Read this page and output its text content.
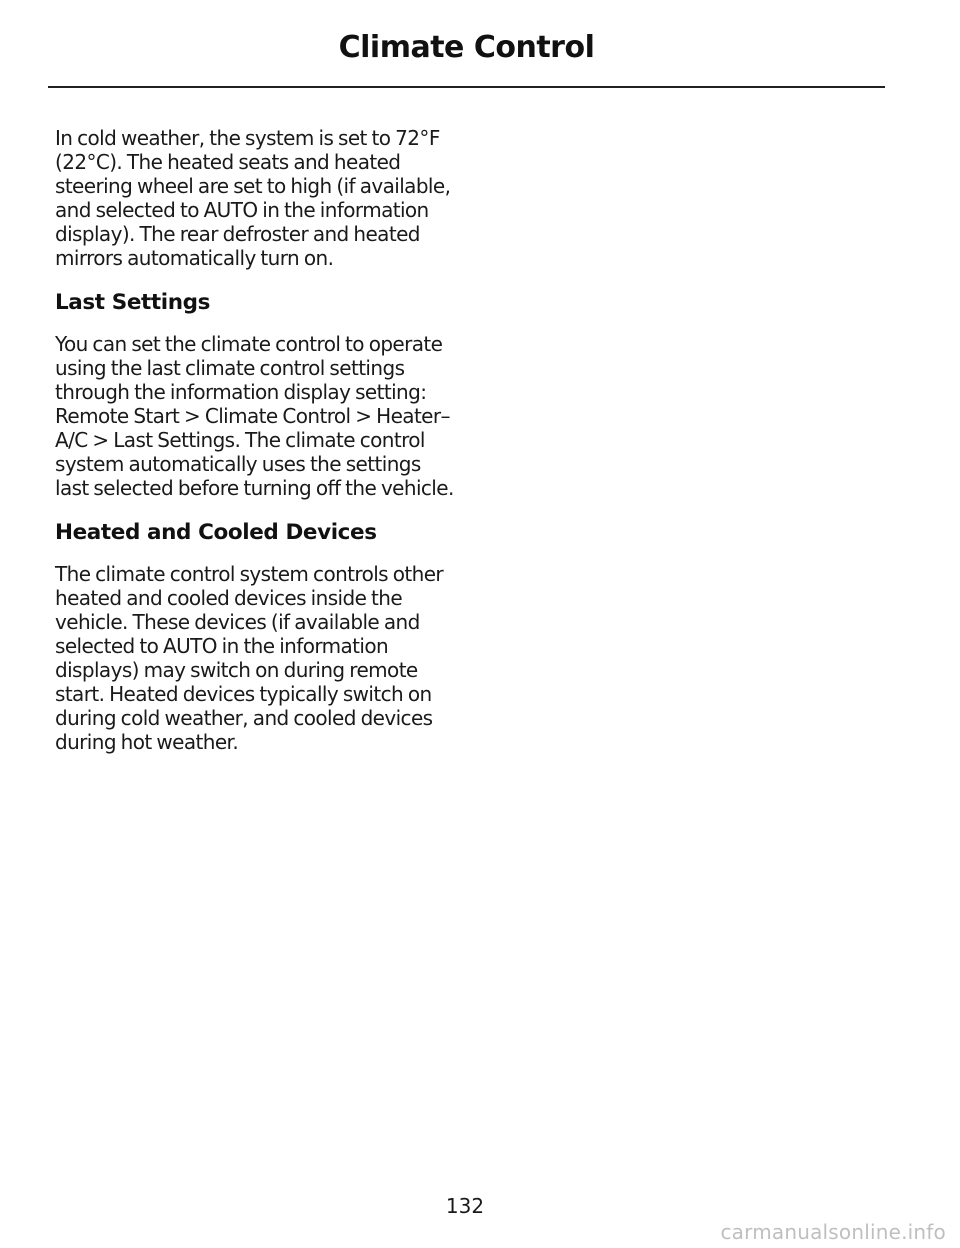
Climate Control

In cold weather, the system is set to 72°F (22°C). The heated seats and heated steering wheel are set to high (if available, and selected to AUTO in the information display). The rear defroster and heated mirrors automatically turn on.

Last Settings

You can set the climate control to operate using the last climate control settings through the information display setting: Remote Start > Climate Control > Heater–A/C > Last Settings. The climate control system automatically uses the settings last selected before turning off the vehicle.

Heated and Cooled Devices

The climate control system controls other heated and cooled devices inside the vehicle. These devices (if available and selected to AUTO in the information displays) may switch on during remote start. Heated devices typically switch on during cold weather, and cooled devices during hot weather.

132
carmanualsonline.info
